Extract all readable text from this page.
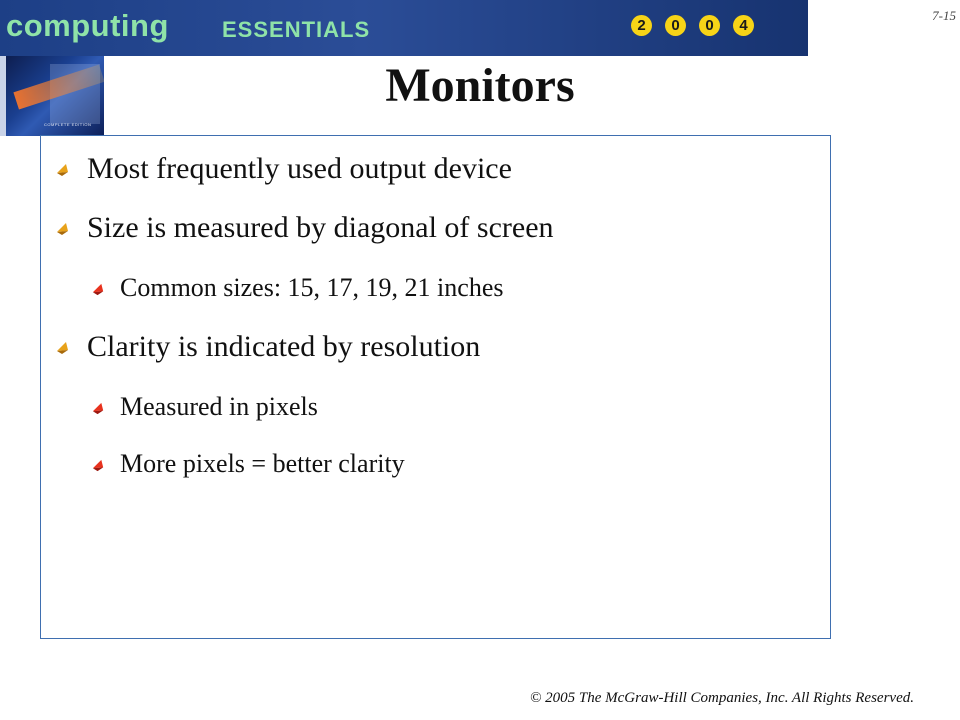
computing ESSENTIALS	2	0	0	4
7-15
COMPLETE EDITION
Monitors
Most frequently used output device
Size is measured by diagonal of screen
Common sizes: 15, 17, 19, 21 inches
Clarity is indicated by resolution
Measured in pixels
More pixels = better clarity
© 2005 The McGraw-Hill Companies, Inc. All Rights Reserved.
